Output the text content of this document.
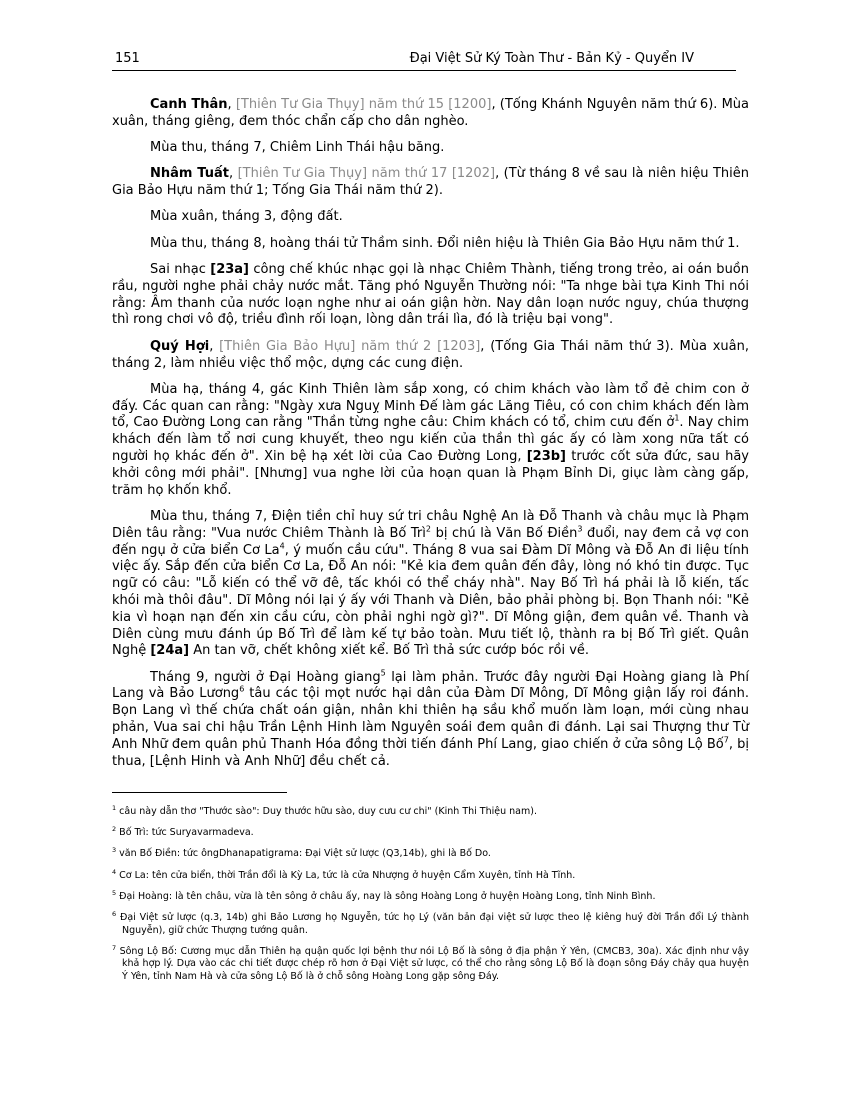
151	Đại Việt Sử Ký Toàn Thư - Bản Kỷ - Quyển IV

Canh Thân, [Thiên Tư Gia Thụy] năm thứ 15 [1200], (Tống Khánh Nguyên năm thứ 6). Mùa xuân, tháng giêng, đem thóc chẩn cấp cho dân nghèo.

Mùa thu, tháng 7, Chiêm Linh Thái hậu băng.

Nhâm Tuất, [Thiên Tư Gia Thụy] năm thứ 17 [1202], (Từ tháng 8 về sau là niên hiệu Thiên Gia Bảo Hựu năm thứ 1; Tống Gia Thái năm thứ 2).

Mùa xuân, tháng 3, động đất.

Mùa thu, tháng 8, hoàng thái tử Thầm sinh. Đổi niên hiệu là Thiên Gia Bảo Hựu năm thứ 1.

Sai nhạc [23a] công chế khúc nhạc gọi là nhạc Chiêm Thành, tiếng trong trẻo, ai oán buồn rầu, người nghe phải chảy nước mắt. Tăng phó Nguyễn Thường nói: "Ta nhge bài tựa Kinh Thi nói rằng: Âm thanh của nước loạn nghe như ai oán giận hờn. Nay dân loạn nước nguy, chúa thượng thì rong chơi vô độ, triều đình rối loạn, lòng dân trái lìa, đó là triệu bại vong".

Quý Hợi, [Thiên Gia Bảo Hựu] năm thứ 2 [1203], (Tống Gia Thái năm thứ 3). Mùa xuân, tháng 2, làm nhiều việc thổ mộc, dựng các cung điện.

Mùa hạ, tháng 4, gác Kinh Thiên làm sắp xong, có chim khách vào làm tổ đẻ chim con ở đấy. Các quan can rằng: "Ngày xưa Nguỵ Minh Đế làm gác Lăng Tiêu, có con chim khách đến làm tổ, Cao Đường Long can rằng "Thần từng nghe câu: Chim khách có tổ, chim cưu đến ở$^1$. Nay chim khách đến làm tổ nơi cung khuyết, theo ngu kiến của thần thì gác ấy có làm xong nữa tất có người họ khác đến ở". Xin bệ hạ xét lời của Cao Đường Long, [23b] trước cốt sửa đức, sau hãy khởi công mới phải". [Nhưng] vua nghe lời của hoạn quan là Phạm Bỉnh Di, giục làm càng gấp, trăm họ khốn khổ.

Mùa thu, tháng 7, Điện tiền chỉ huy sứ tri châu Nghệ An là Đỗ Thanh và châu mục là Phạm Diên tâu rằng: "Vua nước Chiêm Thành là Bố Trì$^2$ bị chú là Văn Bố Điền$^3$ đuổi, nay đem cả vợ con đến ngụ ở cửa biển Cơ La$^4$, ý muốn cầu cứu". Tháng 8 vua sai Đàm Dĩ Mông và Đỗ An đi liệu tính việc ấy. Sắp đến cửa biển Cơ La, Đỗ An nói: "Kẻ kia đem quân đến đây, lòng nó khó tin được. Tục ngữ có câu: "Lỗ kiến có thể vỡ đê, tấc khói có thể cháy nhà". Nay Bố Trì há phải là lỗ kiến, tấc khói mà thôi đâu". Dĩ Mông nói lại ý ấy với Thanh và Diên, bảo phải phòng bị. Bọn Thanh nói: "Kẻ kia vì hoạn nạn đến xin cầu cứu, còn phải nghi ngờ gì?". Dĩ Mông giận, đem quân về. Thanh và Diên cùng mưu đánh úp Bố Trì để làm kế tự bảo toàn. Mưu tiết lộ, thành ra bị Bố Trì giết. Quân Nghệ [24a] An tan vỡ, chết không xiết kể. Bố Trì thả sức cướp bóc rồi về.

Tháng 9, người ở Đại Hoàng giang$^5$ lại làm phản. Trước đây người Đại Hoàng giang là Phí Lang và Bảo Lương$^6$ tâu các tội mọt nước hại dân của Đàm Dĩ Mông, Dĩ Mông giận lấy roi đánh. Bọn Lang vì thế chứa chất oán giận, nhân khi thiên hạ sầu khổ muốn làm loạn, mới cùng nhau phản, Vua sai chi hậu Trần Lệnh Hinh làm Nguyên soái đem quân đi đánh. Lại sai Thượng thư Từ Anh Nhữ đem quân phủ Thanh Hóa đồng thời tiến đánh Phí Lang, giao chiến ở cửa sông Lộ Bố$^7$, bị thua, [Lệnh Hinh và Anh Nhữ] đều chết cả.

$^1$ câu này dẫn thơ "Thước sào": Duy thước hữu sào, duy cưu cư chi" (Kinh Thi Thiệu nam).
$^2$ Bố Trì: tức Suryavarmadeva.
$^3$ văn Bố Điền: tức ôngDhanapatigrama: Đại Việt sử lược (Q3,14b), ghi là Bố Do.
$^4$ Cơ La: tên cửa biển, thời Trần đổi là Kỳ La, tức là cửa Nhượng ở huyện Cẩm Xuyên, tỉnh Hà Tĩnh.
$^5$ Đại Hoàng: là tên châu, vừa là tên sông ở châu ấy, nay là sông Hoàng Long ở huyện Hoàng Long, tỉnh Ninh Bình.
$^6$ Đại Việt sử lược (q.3, 14b) ghi Bảo Lương họ Nguyễn, tức họ Lý (văn bản đại việt sử lược theo lệ kiêng huý đời Trần đổi Lý thành Nguyễn), giữ chức Thượng tướng quân.
$^7$ Sông Lộ Bố: Cương mục dẫn Thiên hạ quận quốc lợi bệnh thư nói Lộ Bố là sông ở địa phận Ý Yên, (CMCB3, 30a). Xác định như vậy khả hợp lý. Dựa vào các chi tiết được chép rõ hơn ở Đại Việt sử lược, có thể cho rằng sông Lộ Bố là đoạn sông Đáy chảy qua huyện Ý Yên, tỉnh Nam Hà và cửa sông Lộ Bố là ở chỗ sông Hoàng Long gặp sông Đáy.
